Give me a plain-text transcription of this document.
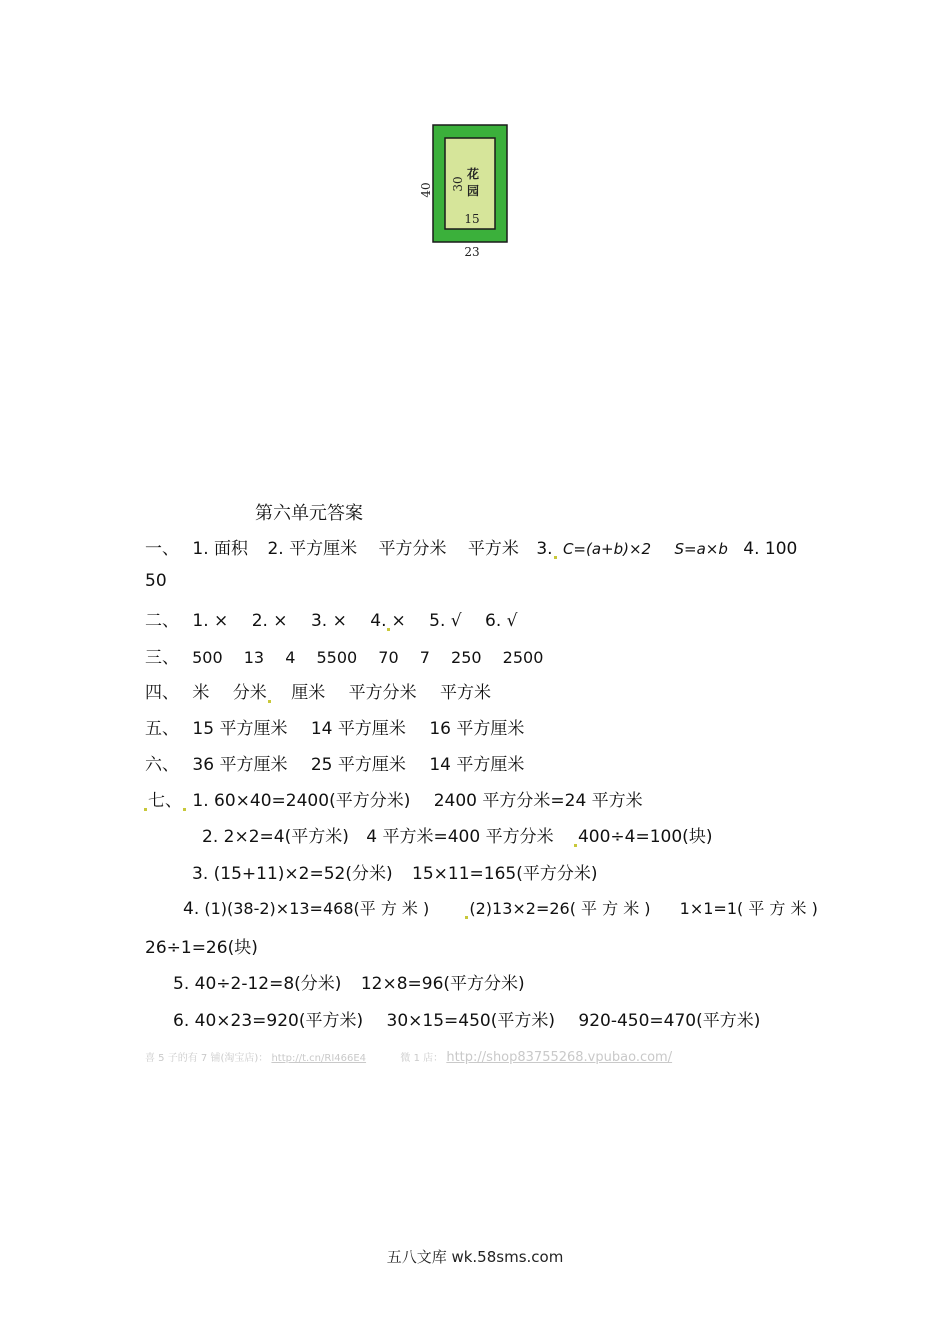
40 30
花
园
15
23
第六单元答案
一、 1. 面积 2. 平方厘米 平方分米 平方米 3. C=(a+b)×2 S=a×b 4. 100
50
二、 1. × 2. × 3. × 4. × 5. √ 6. √
三、 500 13 4 5500 70 7 250 2500
四、 米 分米 厘米 平方分米 平方米
五、 15 平方厘米 14 平方厘米 16 平方厘米
六、 36 平方厘米 25 平方厘米 14 平方厘米
七、 1. 60×40=2400(平方分米) 2400 平方分米=24 平方米
2. 2×2=4(平方米) 4 平方米=400 平方分米 400÷4=100(块)
3. (15+11)×2=52(分米) 15×11=165(平方分米)
4. (1)(38-2)×13=468(平 方 米 )	(2)13×2=26( 平 方 米 ) 1×1=1( 平 方 米 )
26÷1=26(块)
5. 40÷2-12=8(分米) 12×8=96(平方分米)
6. 40×23=920(平方米) 30×15=450(平方米) 920-450=470(平方米)
喜 5 子的有 7 铺(淘宝店)： http://t.cn/RI466E4	微 1 店： http://shop83755268.vpubao.com/
五八文库 wk.58sms.com
